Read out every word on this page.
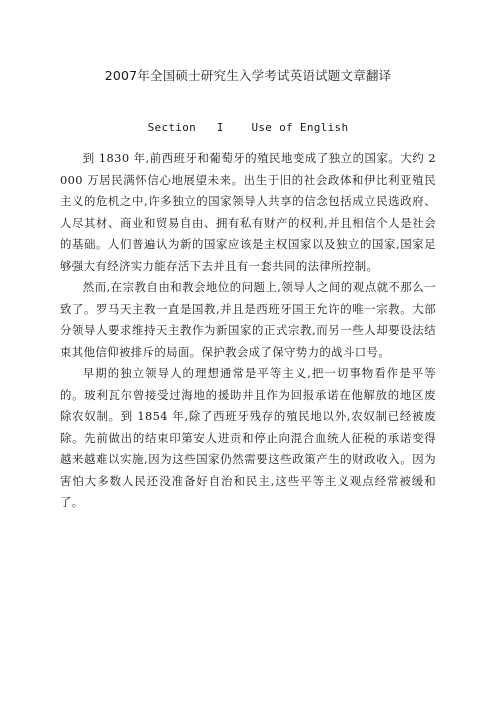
2007年全国硕士研究生入学考试英语试题文章翻译
Section   I    Use of English

到 1830 年,前西班牙和葡萄牙的殖民地变成了独立的国家。大约 2000 万居民满怀信心地展望未来。出生于旧的社会政体和伊比利亚殖民主义的危机之中,许多独立的国家领导人共享的信念包括成立民选政府、人尽其材、商业和贸易自由、拥有私有财产的权利,并且相信个人是社会的基础。人们普遍认为新的国家应该是主权国家以及独立的国家,国家足够强大有经济实力能存活下去并且有一套共同的法律所控制。

然而,在宗教自由和教会地位的问题上,领导人之间的观点就不那么一致了。罗马天主教一直是国教,并且是西班牙国王允许的唯一宗教。大部分领导人要求维持天主教作为新国家的正式宗教,而另一些人却要设法结束其他信仰被排斥的局面。保护教会成了保守势力的战斗口号。

早期的独立领导人的理想通常是平等主义,把一切事物看作是平等的。玻利瓦尔曾接受过海地的援助并且作为回报承诺在他解放的地区废除农奴制。到 1854 年,除了西班牙残存的殖民地以外,农奴制已经被废除。先前做出的结束印第安人进贡和停止向混合血统人征税的承诺变得越来越难以实施,因为这些国家仍然需要这些政策产生的财政收入。因为害怕大多数人民还没准备好自治和民主,这些平等主义观点经常被缓和了。
